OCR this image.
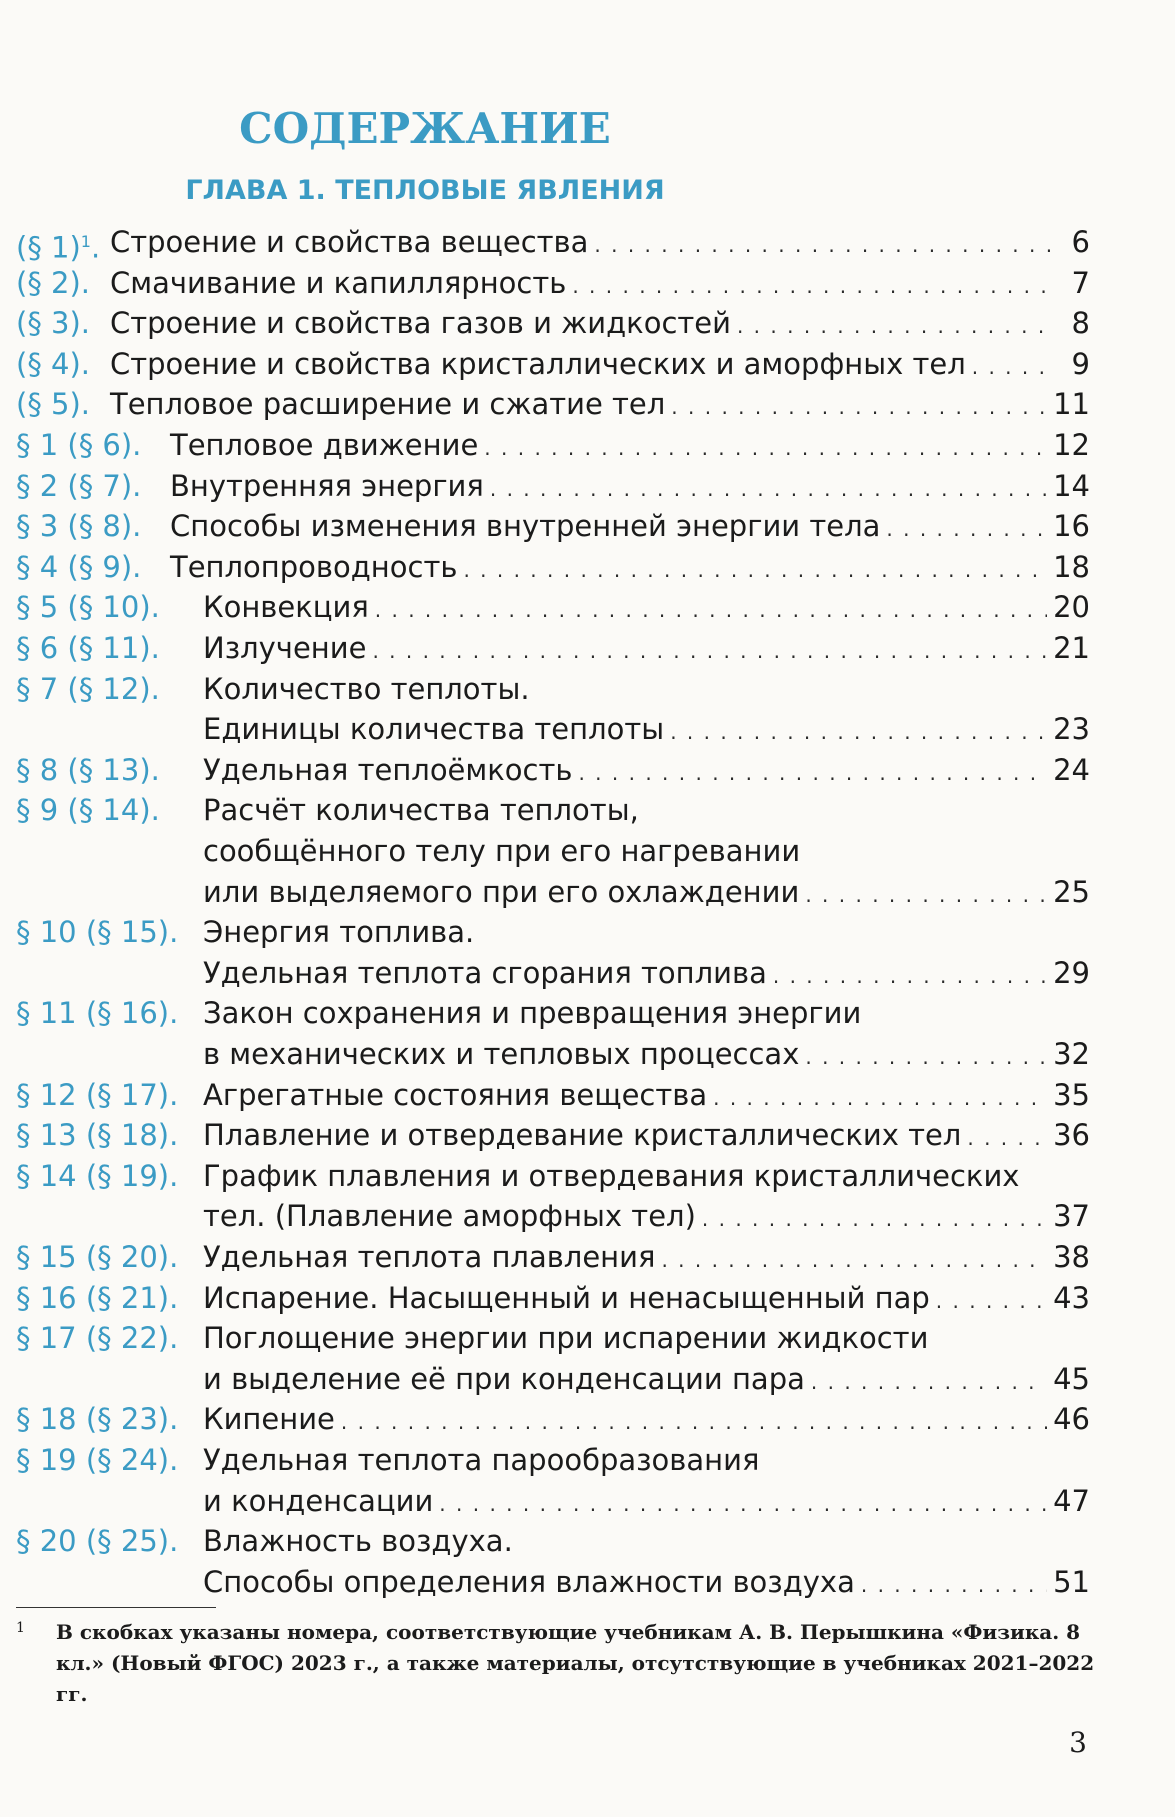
СОДЕРЖАНИЕ
ГЛАВА 1. ТЕПЛОВЫЕ ЯВЛЕНИЯ
(§ 1)$^1$. Строение и свойства вещества . . .	6
(§ 2). Смачивание и капиллярность . . .	7
(§ 3). Строение и свойства газов и жидкостей . . .	8
(§ 4). Строение и свойства кристаллических и аморфных тел . . .	9
(§ 5). Тепловое расширение и сжатие тел . . .	11
§ 1 (§ 6). Тепловое движение . . .	12
§ 2 (§ 7). Внутренняя энергия . . .	14
§ 3 (§ 8). Способы изменения внутренней энергии тела . . .	16
§ 4 (§ 9). Теплопроводность . . .	18
§ 5 (§ 10). Конвекция . . .	20
§ 6 (§ 11). Излучение . . .	21
§ 7 (§ 12). Количество теплоты.
Единицы количества теплоты . . .	23
§ 8 (§ 13). Удельная теплоёмкость . . .	24
§ 9 (§ 14). Расчёт количества теплоты,
сообщённого телу при его нагревании
или выделяемого при его охлаждении . . .	25
§ 10 (§ 15). Энергия топлива.
Удельная теплота сгорания топлива . . .	29
§ 11 (§ 16). Закон сохранения и превращения энергии
в механических и тепловых процессах . . .	32
§ 12 (§ 17). Агрегатные состояния вещества . . .	35
§ 13 (§ 18). Плавление и отвердевание кристаллических тел . . .	36
§ 14 (§ 19). График плавления и отвердевания кристаллических
тел. (Плавление аморфных тел) . . .	37
§ 15 (§ 20). Удельная теплота плавления . . .	38
§ 16 (§ 21). Испарение. Насыщенный и ненасыщенный пар . . .	43
§ 17 (§ 22). Поглощение энергии при испарении жидкости
и выделение её при конденсации пара . . .	45
§ 18 (§ 23). Кипение . . .	46
§ 19 (§ 24). Удельная теплота парообразования
и конденсации . . .	47
§ 20 (§ 25). Влажность воздуха.
Способы определения влажности воздуха . . .	51
1	В скобках указаны номера, соответствующие учебникам А. В. Перышкина «Физика. 8 кл.» (Новый ФГОС) 2023 г., а также материалы, отсутствующие в учебниках 2021–2022 гг.
3
